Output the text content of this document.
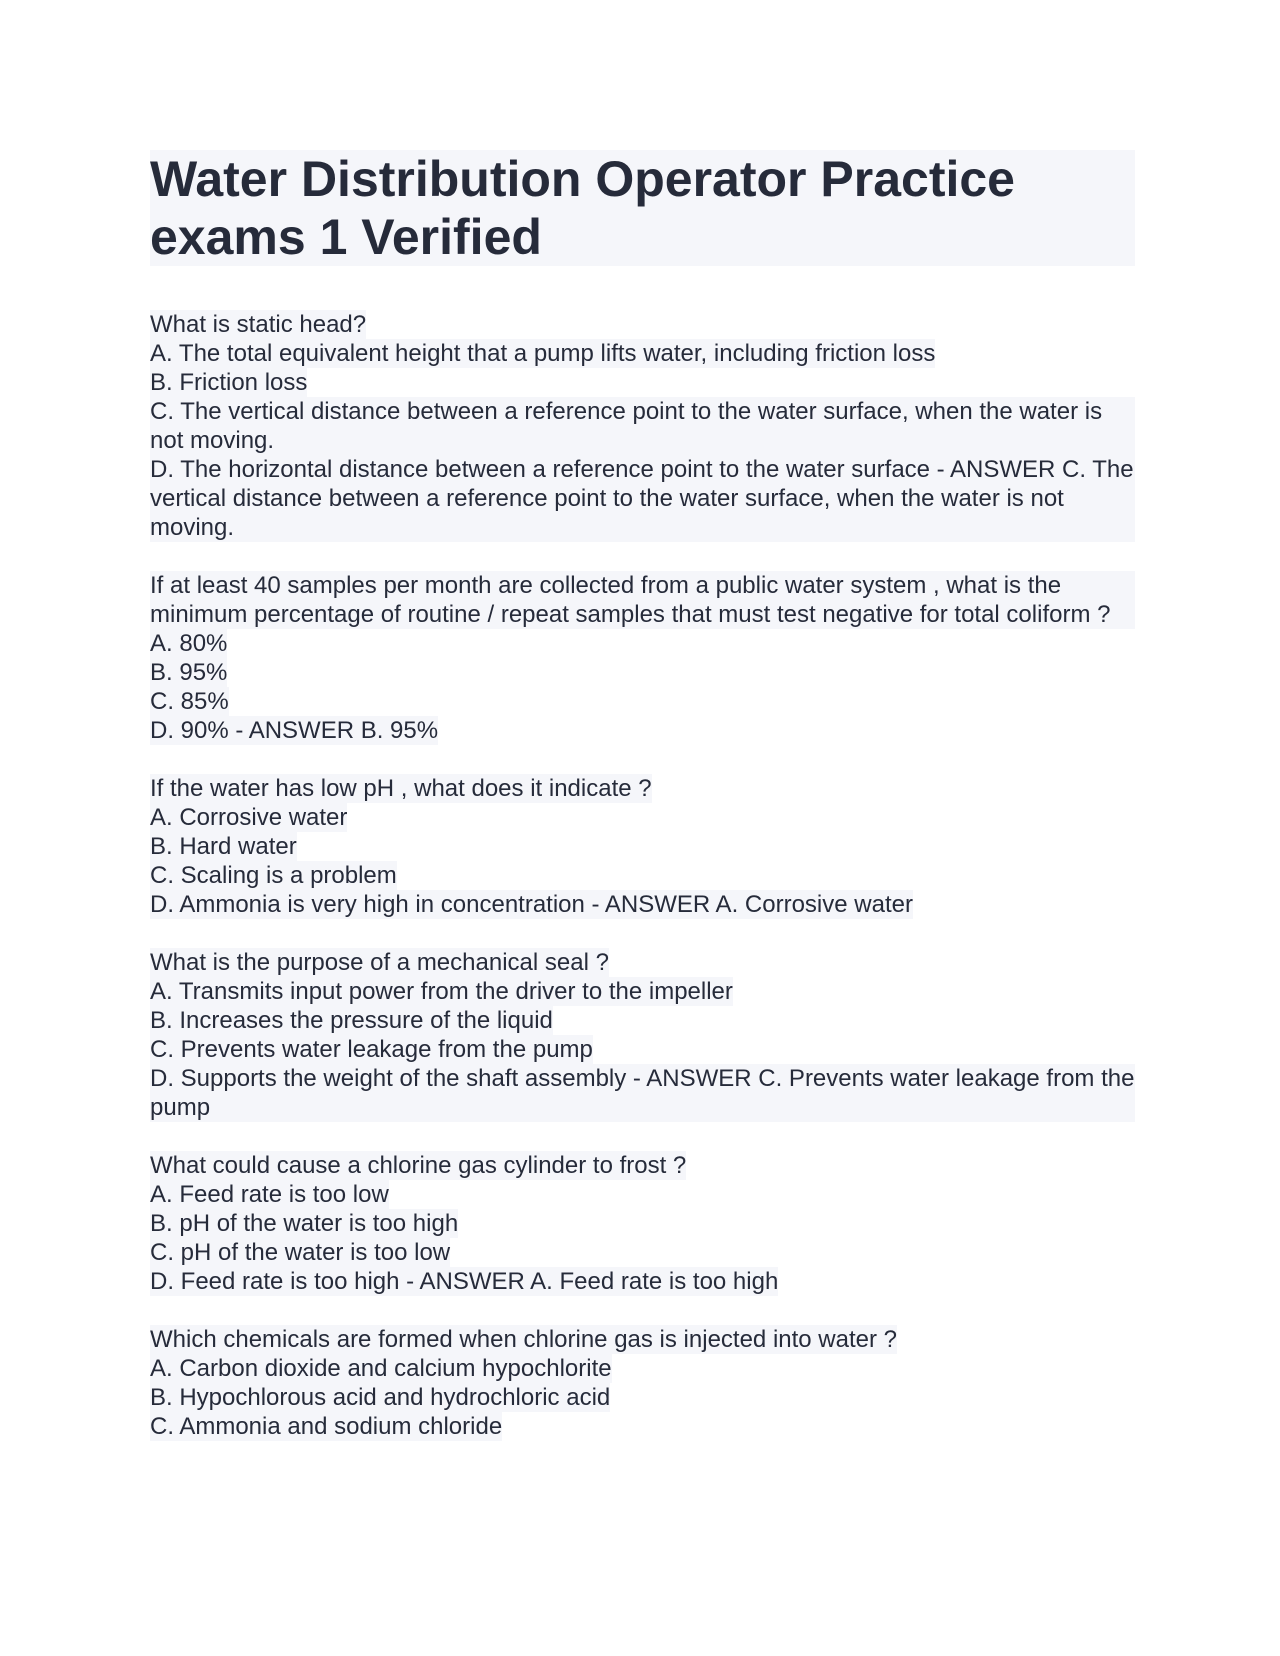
Water Distribution Operator Practice exams 1 Verified
What is static head?
A. The total equivalent height that a pump lifts water, including friction loss
B. Friction loss
C. The vertical distance between a reference point to the water surface, when the water is not moving.
D. The horizontal distance between a reference point to the water surface - ANSWER C. The vertical distance between a reference point to the water surface, when the water is not moving.
If at least 40 samples per month are collected from a public water system , what is the minimum percentage of routine / repeat samples that must test negative for total coliform ?
A. 80%
B. 95%
C. 85%
D. 90% - ANSWER B. 95%
If the water has low pH , what does it indicate ?
A. Corrosive water
B. Hard water
C. Scaling is a problem
D. Ammonia is very high in concentration - ANSWER A. Corrosive water
What is the purpose of a mechanical seal ?
A. Transmits input power from the driver to the impeller
B. Increases the pressure of the liquid
C. Prevents water leakage from the pump
D. Supports the weight of the shaft assembly - ANSWER C. Prevents water leakage from the pump
What could cause a chlorine gas cylinder to frost ?
A. Feed rate is too low
B. pH of the water is too high
C. pH of the water is too low
D. Feed rate is too high - ANSWER A. Feed rate is too high
Which chemicals are formed when chlorine gas is injected into water ?
A. Carbon dioxide and calcium hypochlorite
B. Hypochlorous acid and hydrochloric acid
C. Ammonia and sodium chloride
